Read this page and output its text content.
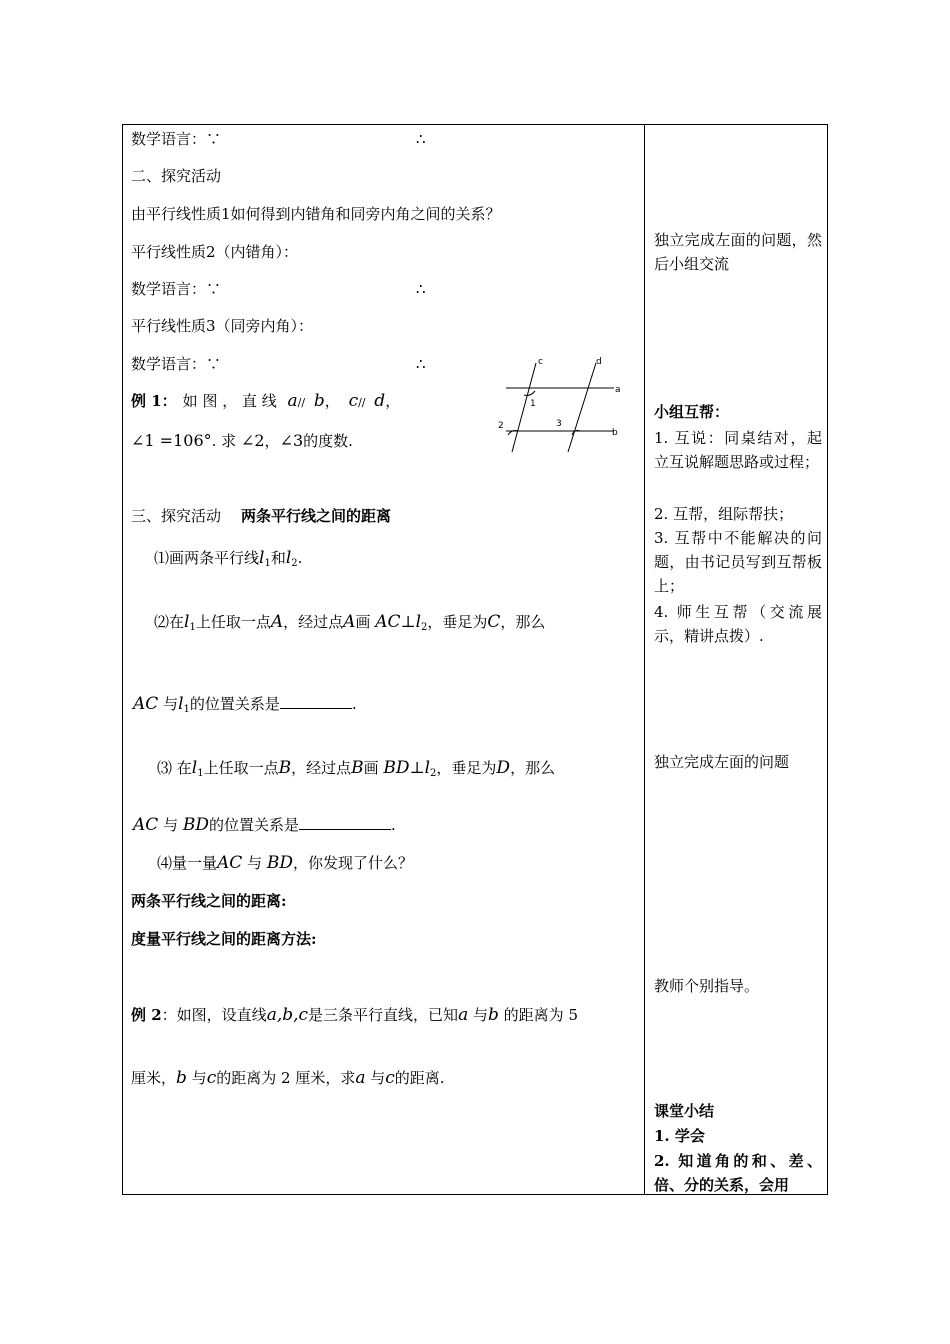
数学语言：∵	∴
二、探究活动
由平行线性质1如何得到内错角和同旁内角之间的关系？
平行线性质2（内错角）：
数学语言：∵	∴
平行线性质3（同旁内角）：
数学语言：∵	∴
例 1： 如 图 ， 直 线 a// b， c// d，
∠1 =106°. 求 ∠2，∠3的度数.
c	d
a
b
1
2	3
三、探究活动 两条平行线之间的距离
⑴画两条平行线$l_1$和$l_2$.
⑵在$l_1$上任取一点A，经过点A画 $AC\perp l_2$，垂足为C，那么
AC 与$l_1$的位置关系是	.
⑶ 在$l_1$上任取一点B，经过点B画 $BD\perp l_2$，垂足为D，那么
AC 与 BD的位置关系是	.
⑷量一量AC 与 BD，你发现了什么？
两条平行线之间的距离:
度量平行线之间的距离方法:
例 2：如图，设直线a,b,c是三条平行直线，已知a 与b 的距离为 5
厘米，b 与c的距离为 2 厘米，求a 与c的距离.
独立完成左面的问题，然后小组交流
小组互帮：
1. 互说：同桌结对，起立互说解题思路或过程；
2. 互帮，组际帮扶；
3. 互帮中不能解决的问题，由书记员写到互帮板上；
4. 师生互帮（交流展示，精讲点拨）.
独立完成左面的问题
教师个别指导。
课堂小结
1. 学会
2. 知道角的和、差、倍、分的关系，会用
